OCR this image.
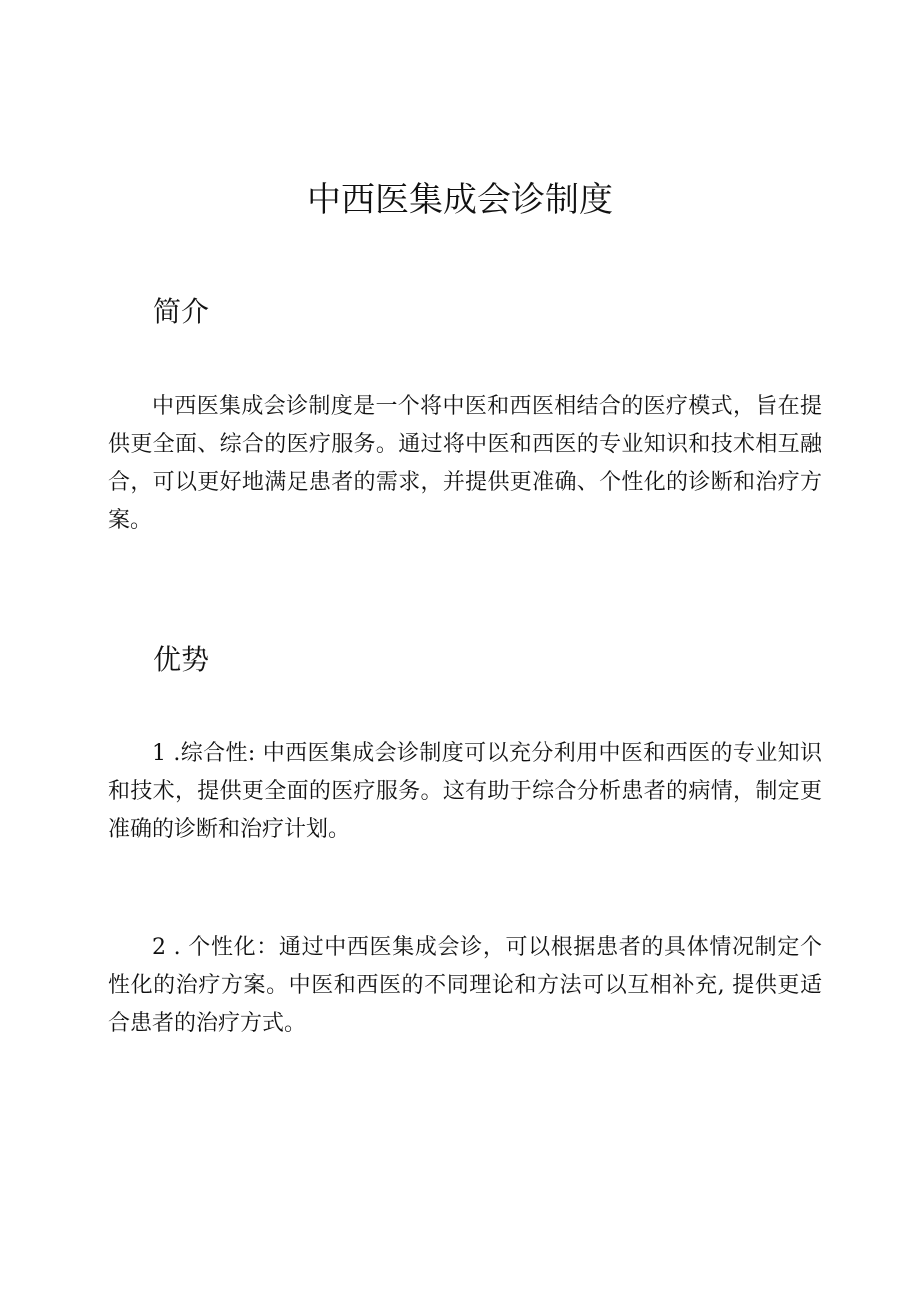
中西医集成会诊制度
简介

中西医集成会诊制度是一个将中医和西医相结合的医疗模式，旨在提供更全面、综合的医疗服务。通过将中医和西医的专业知识和技术相互融合，可以更好地满足患者的需求，并提供更准确、个性化的诊断和治疗方案。

优势

1 .综合性: 中西医集成会诊制度可以充分利用中医和西医的专业知识和技术，提供更全面的医疗服务。这有助于综合分析患者的病情，制定更准确的诊断和治疗计划。

2 . 个性化：通过中西医集成会诊，可以根据患者的具体情况制定个性化的治疗方案。中医和西医的不同理论和方法可以互相补充, 提供更适合患者的治疗方式。
